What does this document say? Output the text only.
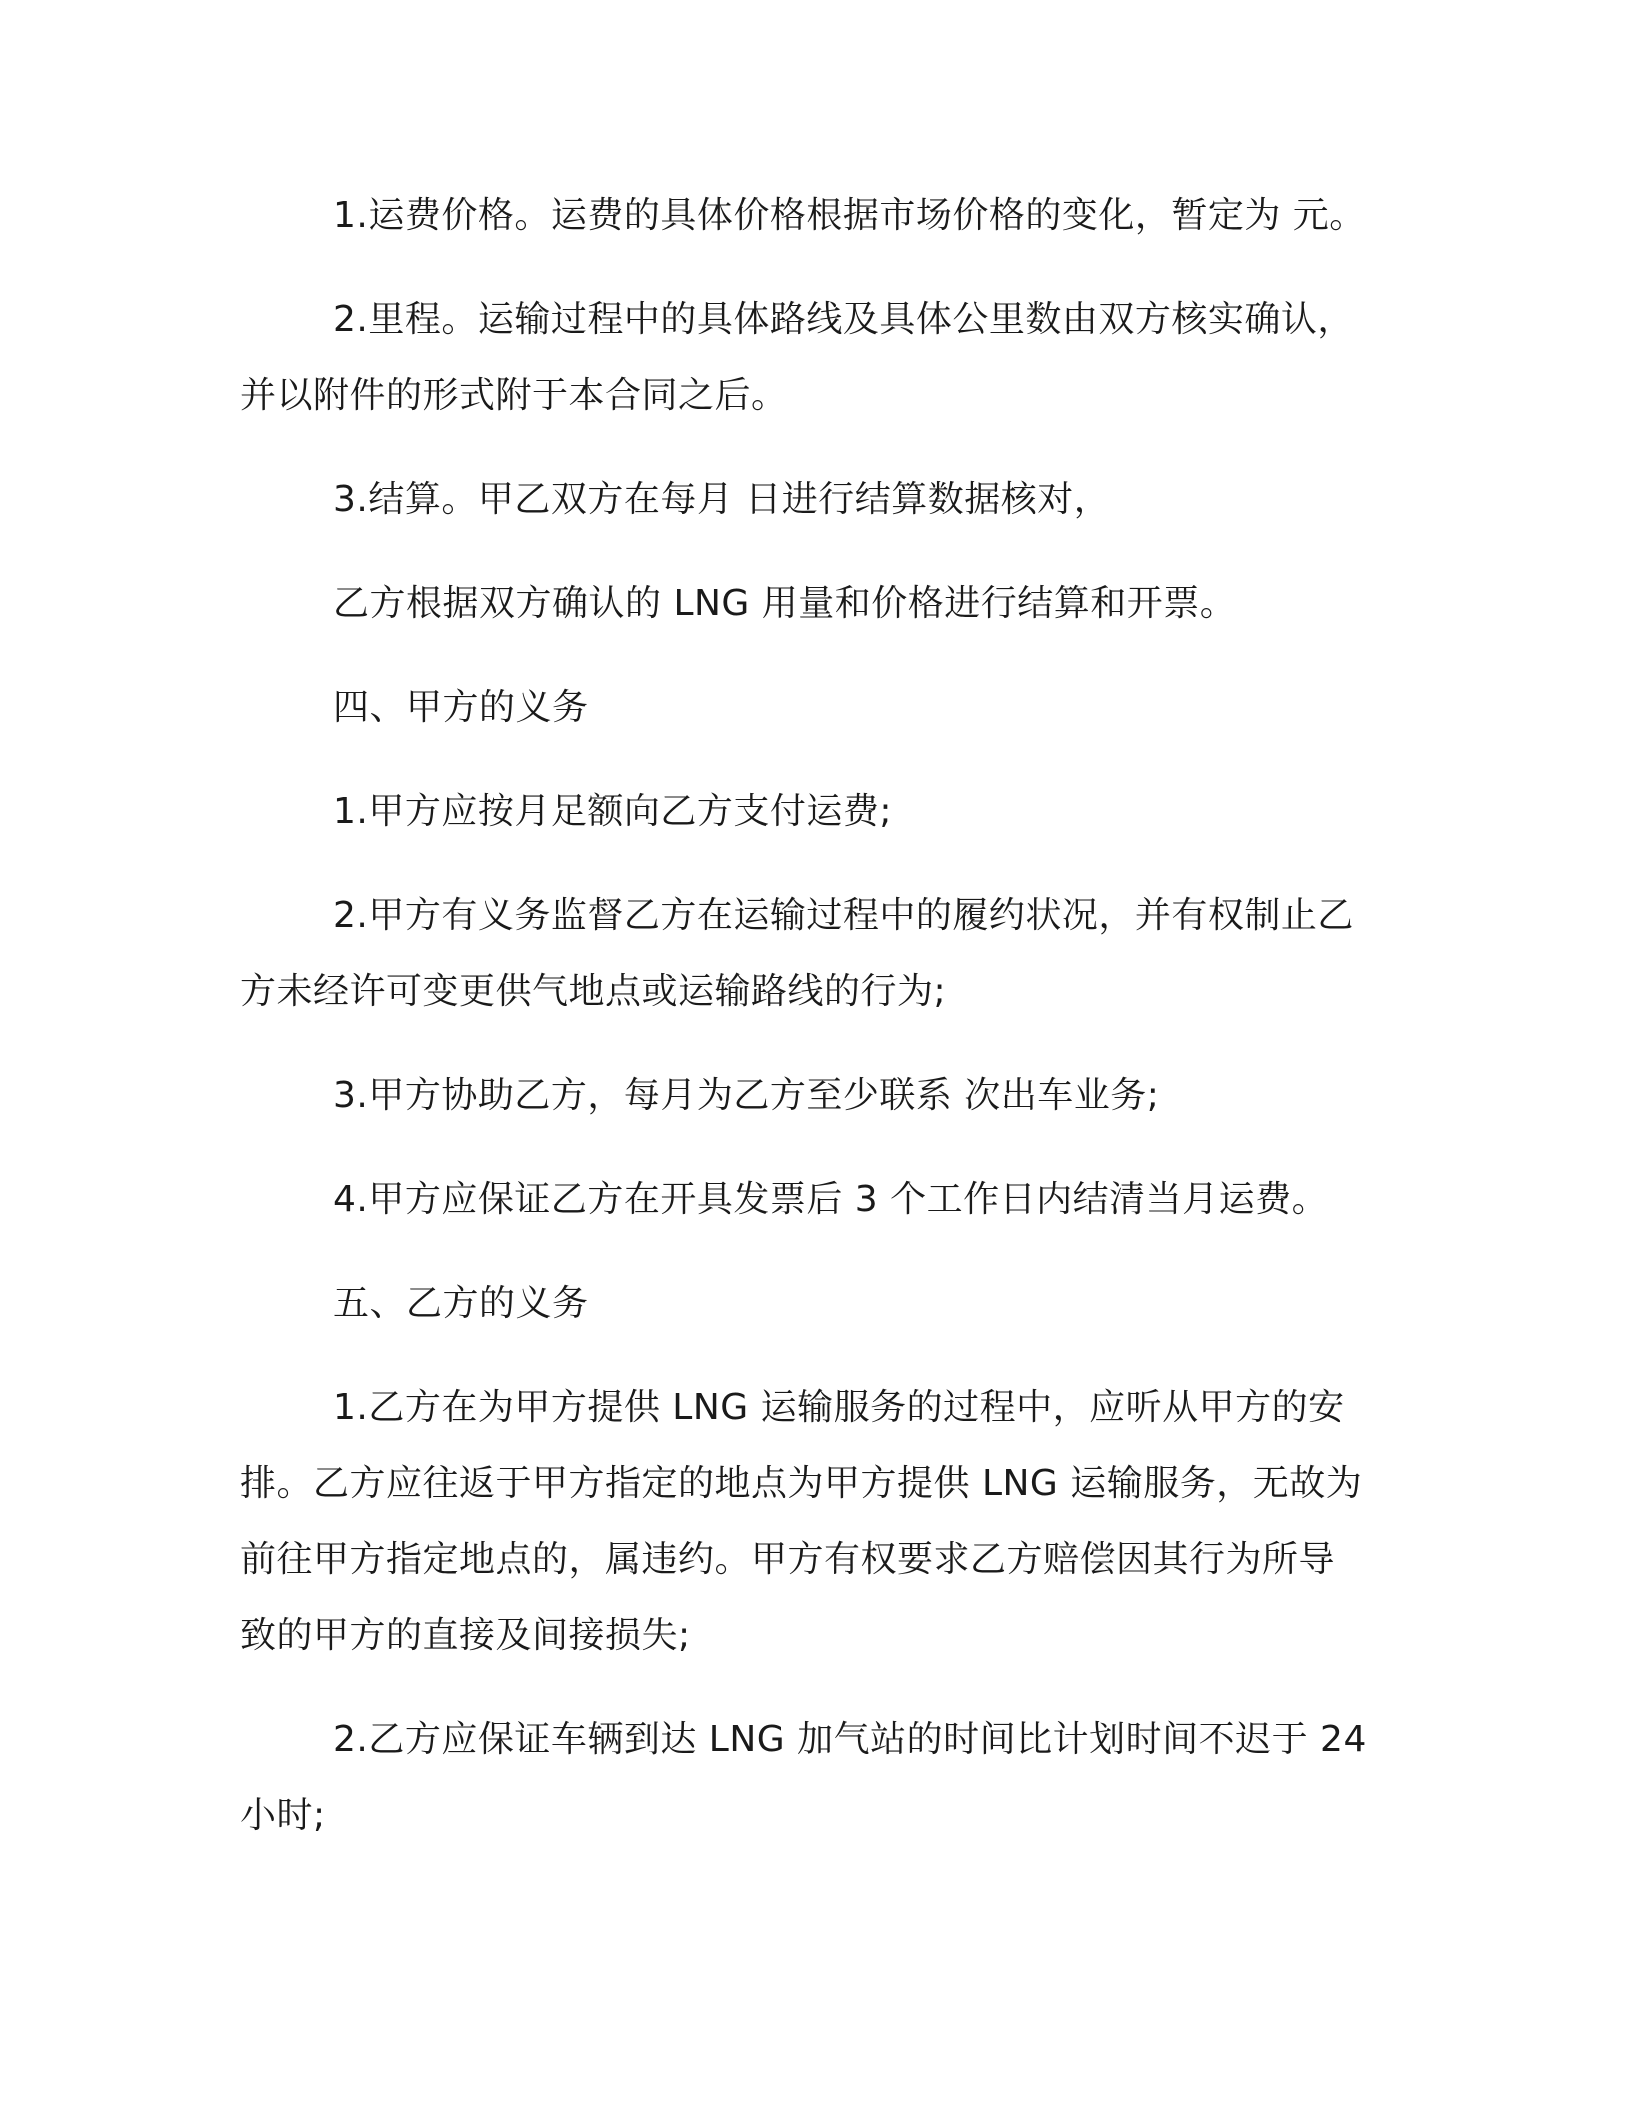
1.运费价格。运费的具体价格根据市场价格的变化，暂定为 元。
2.里程。运输过程中的具体路线及具体公里数由双方核实确认，
并以附件的形式附于本合同之后。
3.结算。甲乙双方在每月 日进行结算数据核对，
乙方根据双方确认的 LNG 用量和价格进行结算和开票。
四、甲方的义务
1.甲方应按月足额向乙方支付运费;
2.甲方有义务监督乙方在运输过程中的履约状况，并有权制止乙
方未经许可变更供气地点或运输路线的行为;
3.甲方协助乙方，每月为乙方至少联系 次出车业务;
4.甲方应保证乙方在开具发票后 3 个工作日内结清当月运费。
五、乙方的义务
1.乙方在为甲方提供 LNG 运输服务的过程中，应听从甲方的安
排。乙方应往返于甲方指定的地点为甲方提供 LNG 运输服务，无故为
前往甲方指定地点的，属违约。甲方有权要求乙方赔偿因其行为所导
致的甲方的直接及间接损失;
2.乙方应保证车辆到达 LNG 加气站的时间比计划时间不迟于 24
小时;
